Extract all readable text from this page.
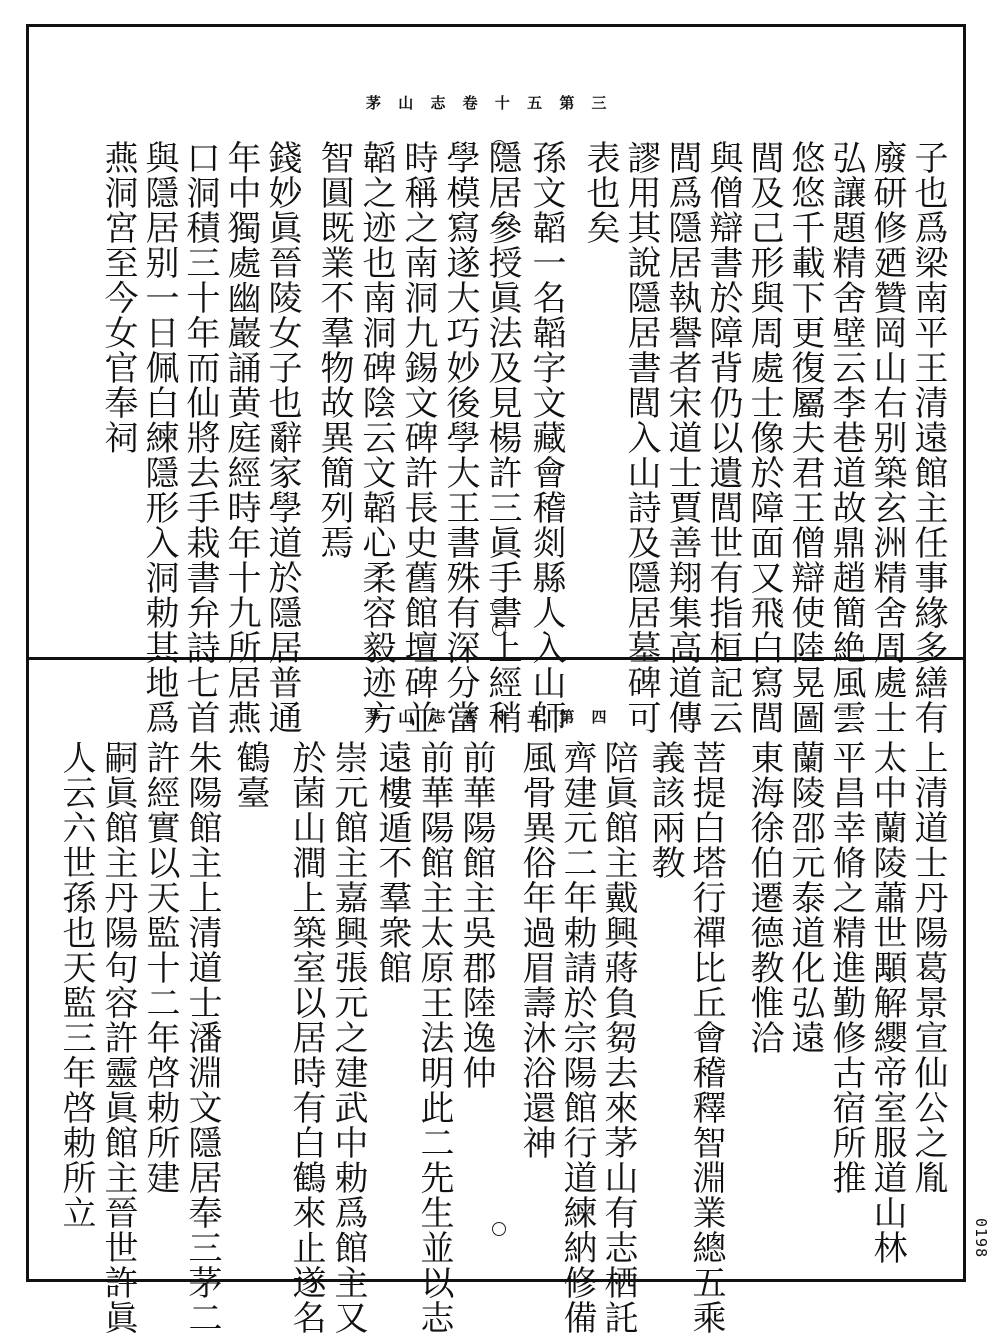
茅 山 志 卷 十 五 第 三
子也爲梁南平王清遠館主任事緣多繕有
廢研修廼贊岡山右别築玄洲精舍周處士
弘讓題精舍壁云李巷道故鼎趙簡絶風雲
悠悠千載下更復屬夫君王僧辯使陸晃圖
閭及己形與周處士像於障面又飛白寫閭
與僧辯書於障背仍以遺閭世有指桓記云
閭爲隱居執譽者宋道士賈善翔集高道傳
謬用其說隱居書閭入山詩及隱居墓碑可
表也矣
孫文韜一名韜字文藏會稽剡縣人入山師
隱居參授眞法及見楊許三眞手書上經稍
學模寫遂大巧妙後學大王書殊有深分當
時稱之南洞九錫文碑許長史舊館壇碑並
韜之迹也南洞碑陰云文韜心柔容毅迹方
智圓既業不羣物故異簡列焉
錢妙眞晉陵女子也辭家學道於隱居普通
年中獨處幽巖誦黄庭經時年十九所居燕
口洞積三十年而仙將去手栽書弁詩七首
與隱居别一日佩白練隱形入洞勅其地爲
燕洞宮至今女官奉祠
茅 山 志 卷 十 五 第 四
上清道士丹陽葛景宣仙公之胤
太中蘭陵蕭世顒解纓帝室服道山林
平昌幸脩之精進勤修古宿所推
蘭陵邵元泰道化弘遠
東海徐伯遷德教惟洽
菩提白塔行禪比丘會稽釋智淵業總五乘
義該兩教
陪眞館主戴興蔣負芻去來茅山有志栖託
齊建元二年勅請於宗陽館行道練納修備
風骨異俗年過眉壽沐浴還神
前華陽館主吳郡陸逸仲
前華陽館主太原王法明此二先生並以志
遠樓遁不羣衆館
崇元館主嘉興張元之建武中勅爲館主又
於菌山澗上築室以居時有白鶴來止遂名
鶴臺
朱陽館主上清道士潘淵文隱居奉三茅二
許經實以天監十二年啓勅所建
嗣眞館主丹陽句容許靈眞館主晉世許眞
人云六世孫也天監三年啓勅所立
0198
